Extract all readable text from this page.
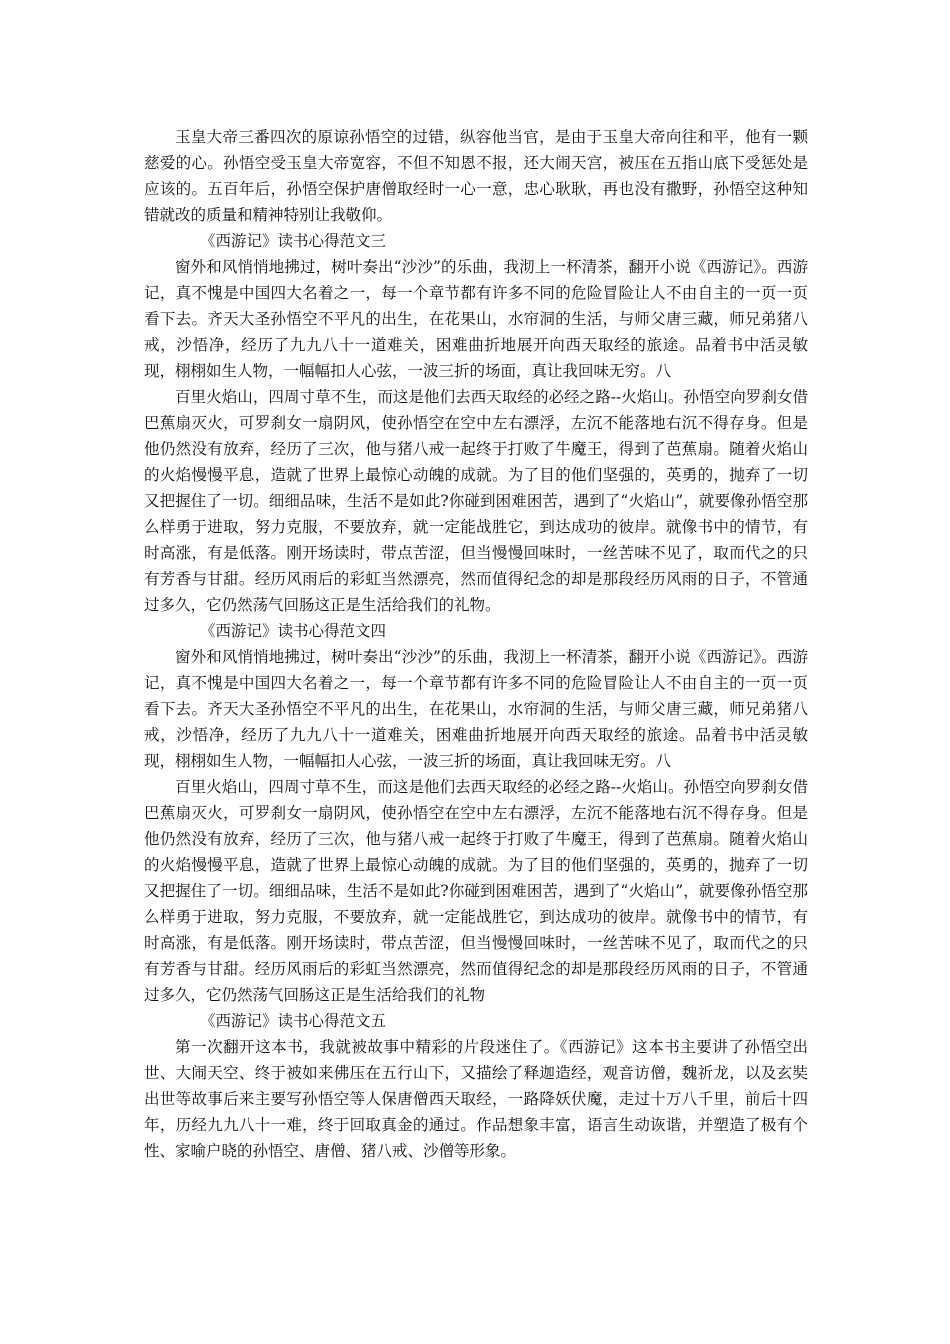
玉皇大帝三番四次的原谅孙悟空的过错，纵容他当官，是由于玉皇大帝向往和平，他有一颗慈爱的心。孙悟空受玉皇大帝宽容，不但不知恩不报，还大闹天宫，被压在五指山底下受惩处是应该的。五百年后，孙悟空保护唐僧取经时一心一意，忠心耿耿，再也没有撒野，孙悟空这种知错就改的质量和精神特别让我敬仰。

《西游记》读书心得范文三

窗外和风悄悄地拂过，树叶奏出“沙沙”的乐曲，我沏上一杯清茶，翻开小说《西游记》。西游记，真不愧是中国四大名着之一，每一个章节都有许多不同的危险冒险让人不由自主的一页一页看下去。齐天大圣孙悟空不平凡的出生，在花果山，水帘洞的生活，与师父唐三藏，师兄弟猪八戒，沙悟净，经历了九九八十一道难关，困难曲折地展开向西天取经的旅途。品着书中活灵敏现，栩栩如生人物，一幅幅扣人心弦，一波三折的场面，真让我回味无穷。八

百里火焰山，四周寸草不生，而这是他们去西天取经的必经之路--火焰山。孙悟空向罗刹女借巴蕉扇灭火，可罗刹女一扇阴风，使孙悟空在空中左右漂浮，左沉不能落地右沉不得存身。但是他仍然没有放弃，经历了三次，他与猪八戒一起终于打败了牛魔王，得到了芭蕉扇。随着火焰山的火焰慢慢平息，造就了世界上最惊心动魄的成就。为了目的他们坚强的，英勇的，抛弃了一切又把握住了一切。细细品味，生活不是如此?你碰到困难困苦，遇到了“火焰山”，就要像孙悟空那么样勇于进取，努力克服，不要放弃，就一定能战胜它，到达成功的彼岸。就像书中的情节，有时高涨，有是低落。刚开场读时，带点苦涩，但当慢慢回味时，一丝苦味不见了，取而代之的只有芳香与甘甜。经历风雨后的彩虹当然漂亮，然而值得纪念的却是那段经历风雨的日子，不管通过多久，它仍然荡气回肠这正是生活给我们的礼物。

《西游记》读书心得范文四

窗外和风悄悄地拂过，树叶奏出“沙沙”的乐曲，我沏上一杯清茶，翻开小说《西游记》。西游记，真不愧是中国四大名着之一，每一个章节都有许多不同的危险冒险让人不由自主的一页一页看下去。齐天大圣孙悟空不平凡的出生，在花果山，水帘洞的生活，与师父唐三藏，师兄弟猪八戒，沙悟净，经历了九九八十一道难关，困难曲折地展开向西天取经的旅途。品着书中活灵敏现，栩栩如生人物，一幅幅扣人心弦，一波三折的场面，真让我回味无穷。八

百里火焰山，四周寸草不生，而这是他们去西天取经的必经之路--火焰山。孙悟空向罗刹女借巴蕉扇灭火，可罗刹女一扇阴风，使孙悟空在空中左右漂浮，左沉不能落地右沉不得存身。但是他仍然没有放弃，经历了三次，他与猪八戒一起终于打败了牛魔王，得到了芭蕉扇。随着火焰山的火焰慢慢平息，造就了世界上最惊心动魄的成就。为了目的他们坚强的，英勇的，抛弃了一切又把握住了一切。细细品味，生活不是如此?你碰到困难困苦，遇到了“火焰山”，就要像孙悟空那么样勇于进取，努力克服，不要放弃，就一定能战胜它，到达成功的彼岸。就像书中的情节，有时高涨，有是低落。刚开场读时，带点苦涩，但当慢慢回味时，一丝苦味不见了，取而代之的只有芳香与甘甜。经历风雨后的彩虹当然漂亮，然而值得纪念的却是那段经历风雨的日子，不管通过多久，它仍然荡气回肠这正是生活给我们的礼物

《西游记》读书心得范文五

第一次翻开这本书，我就被故事中精彩的片段迷住了。《西游记》这本书主要讲了孙悟空出世、大闹天空、终于被如来佛压在五行山下，又描绘了释迦造经，观音访僧，魏祈龙，以及玄奘出世等故事后来主要写孙悟空等人保唐僧西天取经，一路降妖伏魔，走过十万八千里，前后十四年，历经九九八十一难，终于回取真金的通过。作品想象丰富，语言生动诙谐，并塑造了极有个性、家喻户晓的孙悟空、唐僧、猪八戒、沙僧等形象。
